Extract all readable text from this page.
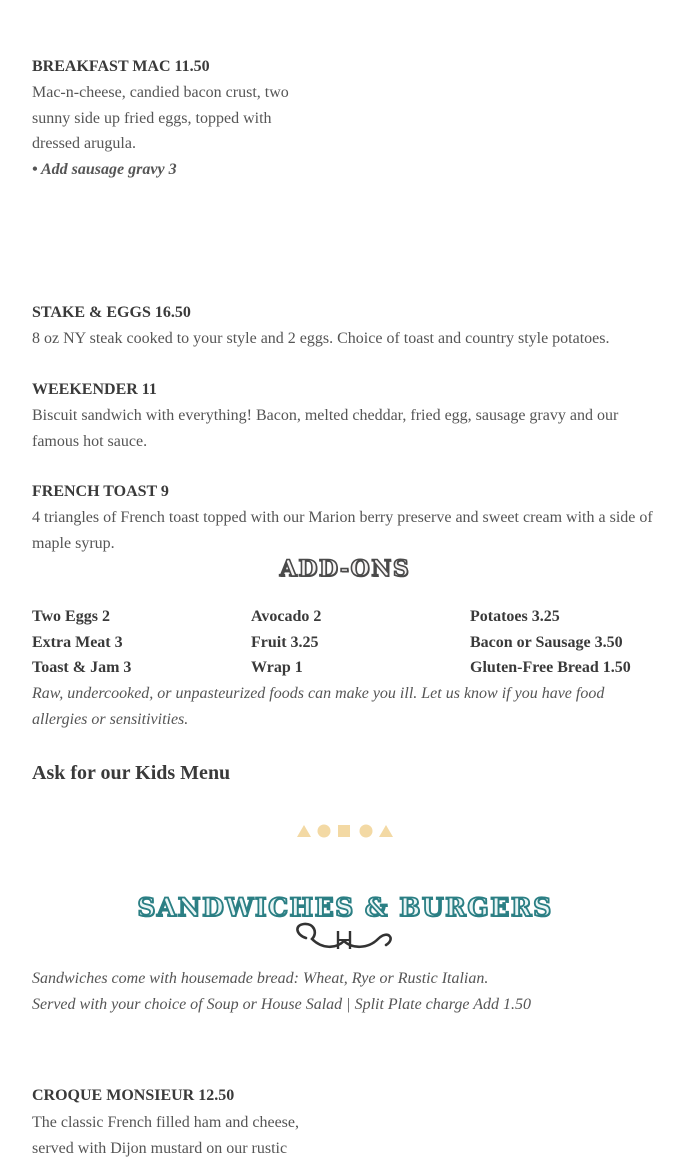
BREAKFAST MAC 11.50
Mac-n-cheese, candied bacon crust, two
sunny side up fried eggs, topped with
dressed arugula.
• Add sausage gravy 3
STAKE & EGGS 16.50
8 oz NY steak cooked to your style and 2 eggs. Choice of toast and country style potatoes.
WEEKENDER 11
Biscuit sandwich with everything! Bacon, melted cheddar, fried egg, sausage gravy and our
famous hot sauce.
FRENCH TOAST 9
4 triangles of French toast topped with our Marion berry preserve and sweet cream with a side of
maple syrup.
ADD-ONS
Two Eggs 2
Extra Meat 3
Toast & Jam 3
Avocado 2
Fruit 3.25
Wrap 1
Potatoes 3.25
Bacon or Sausage 3.50
Gluten-Free Bread 1.50
Raw, undercooked, or unpasteurized foods can make you ill. Let us know if you have food
allergies or sensitivities.
Ask for our Kids Menu
SANDWICHES & BURGERS
Sandwiches come with housemade bread: Wheat, Rye or Rustic Italian.
Served with your choice of Soup or House Salad | Split Plate charge Add 1.50
CROQUE MONSIEUR 12.50
The classic French filled ham and cheese,
served with Dijon mustard on our rustic
